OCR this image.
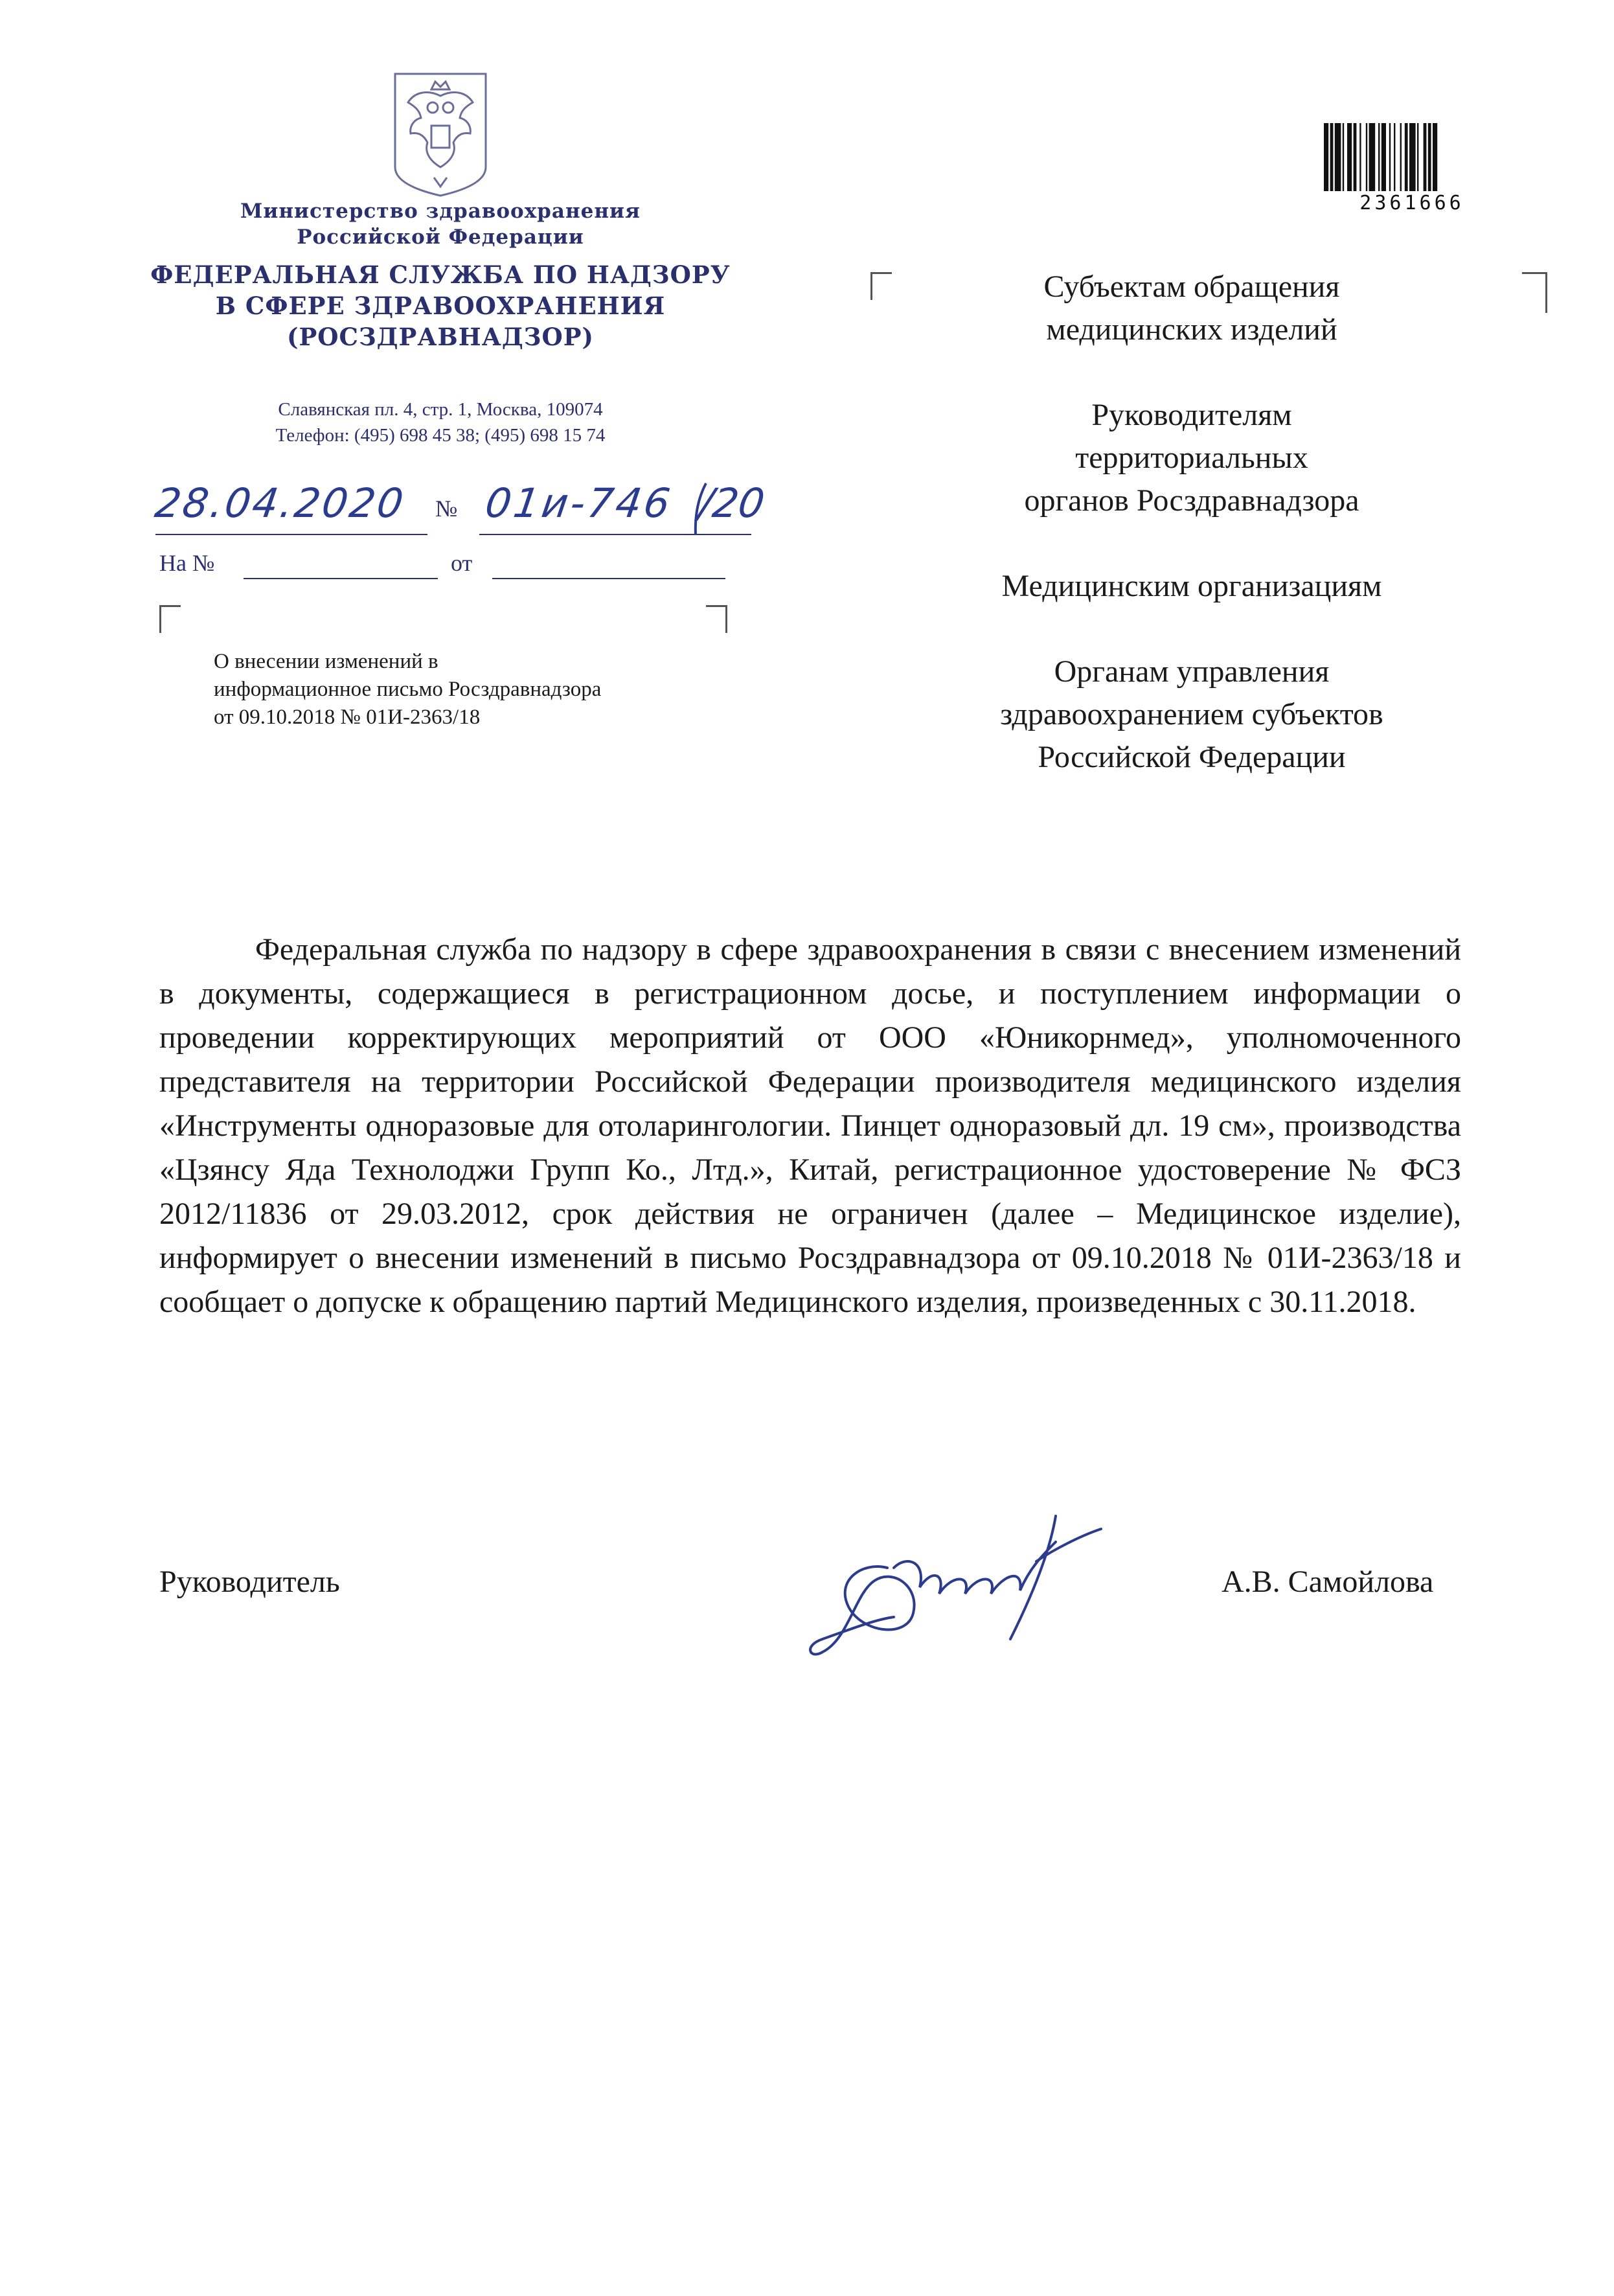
Министерство здравоохранения
Российской Федерации
ФЕДЕРАЛЬНАЯ СЛУЖБА ПО НАДЗОРУ
В СФЕРЕ ЗДРАВООХРАНЕНИЯ
(РОСЗДРАВНАДЗОР)
Славянская пл. 4, стр. 1, Москва, 109074
Телефон: (495) 698 45 38; (495) 698 15 74
28.04.2020 № 01и-746 /20
На №	от
О внесении изменений в
информационное письмо Росздравнадзора
от 09.10.2018 № 01И-2363/18
2361666
Субъектам обращения
медицинских изделий
Руководителям
территориальных
органов Росздравнадзора
Медицинским организациям
Органам управления
здравоохранением субъектов
Российской Федерации

Федеральная служба по надзору в сфере здравоохранения в связи с внесением изменений в документы, содержащиеся в регистрационном досье, и поступлением информации о проведении корректирующих мероприятий от ООО «Юникорнмед», уполномоченного представителя на территории Российской Федерации производителя медицинского изделия «Инструменты одноразовые для отоларингологии. Пинцет одноразовый дл. 19 см», производства «Цзянсу Яда Технолоджи Групп Ко., Лтд.», Китай, регистрационное удостоверение № ФСЗ 2012/11836 от 29.03.2012, срок действия не ограничен (далее – Медицинское изделие), информирует о внесении изменений в письмо Росздравнадзора от 09.10.2018 № 01И-2363/18 и сообщает о допуске к обращению партий Медицинского изделия, произведенных с 30.11.2018.

Руководитель	А.В. Самойлова
